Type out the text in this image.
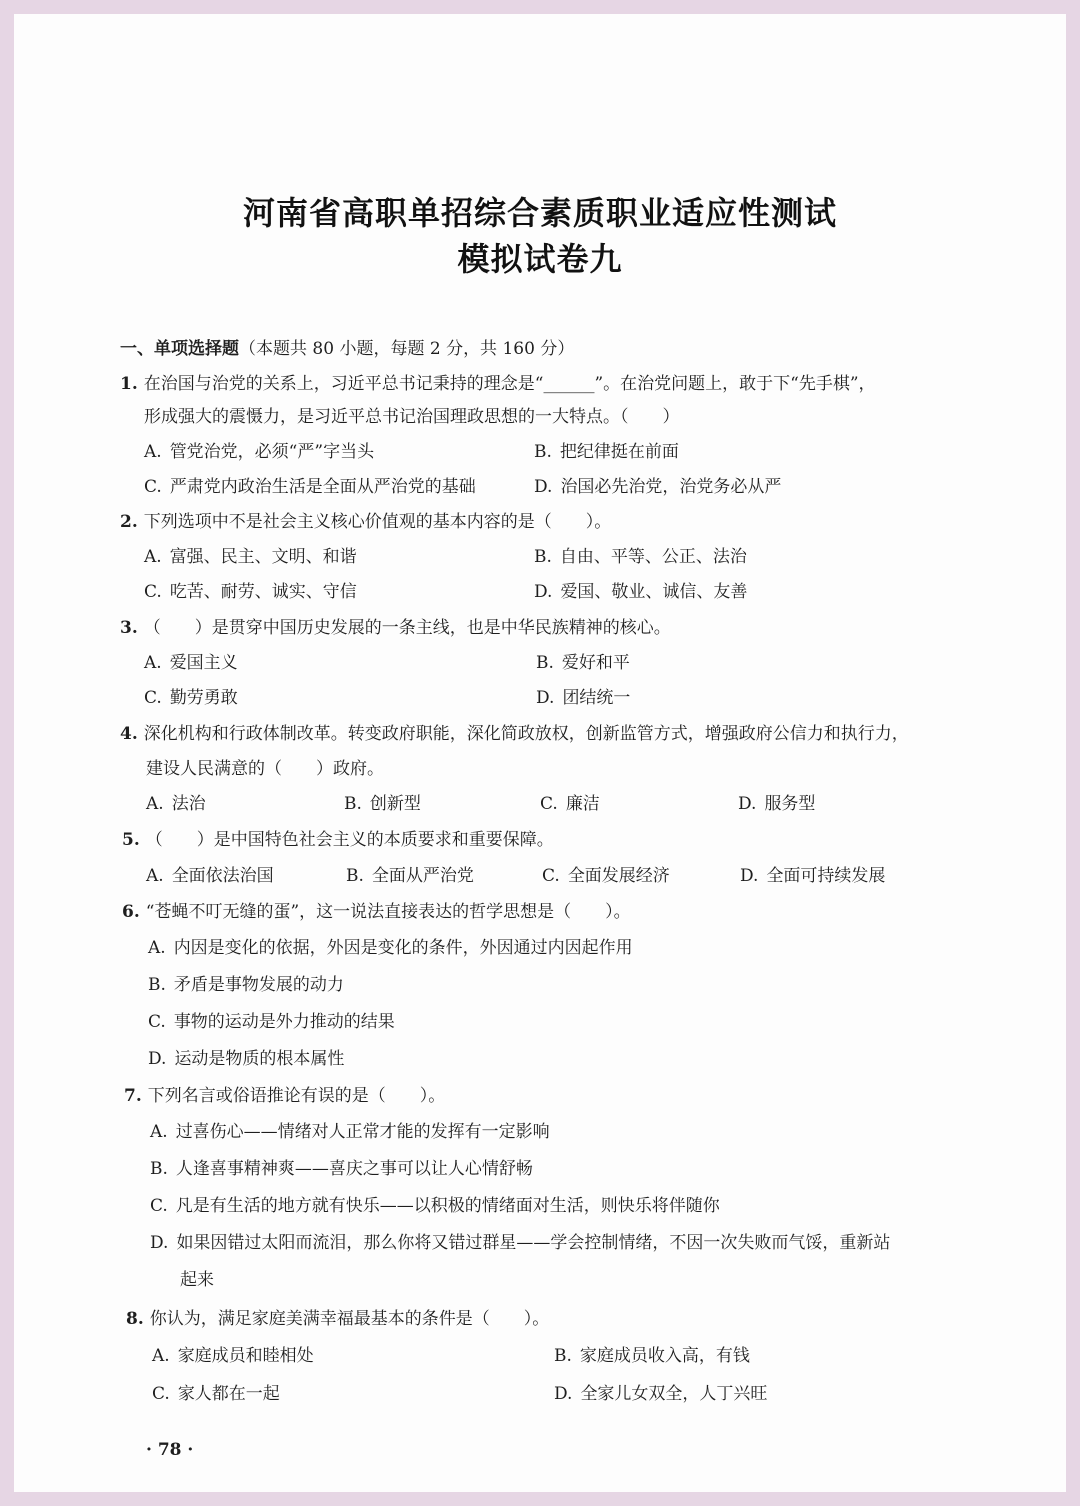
河南省高职单招综合素质职业适应性测试
模拟试卷九
一、单项选择题（本题共 80 小题，每题 2 分，共 160 分）
1. 在治国与治党的关系上，习近平总书记秉持的理念是“______”。在治党问题上，敢于下“先手棋”，
形成强大的震慑力，是习近平总书记治国理政思想的一大特点。（　　）
A. 管党治党，必须“严”字当头	B. 把纪律挺在前面
C. 严肃党内政治生活是全面从严治党的基础	D. 治国必先治党，治党务必从严
2. 下列选项中不是社会主义核心价值观的基本内容的是（　　）。
A. 富强、民主、文明、和谐	B. 自由、平等、公正、法治
C. 吃苦、耐劳、诚实、守信	D. 爱国、敬业、诚信、友善
3. （　　）是贯穿中国历史发展的一条主线，也是中华民族精神的核心。
A. 爱国主义	B. 爱好和平
C. 勤劳勇敢	D. 团结统一
4. 深化机构和行政体制改革。转变政府职能，深化简政放权，创新监管方式，增强政府公信力和执行力，
建设人民满意的（　　）政府。
A. 法治	B. 创新型	C. 廉洁	D. 服务型
5. （　　）是中国特色社会主义的本质要求和重要保障。
A. 全面依法治国	B. 全面从严治党	C. 全面发展经济	D. 全面可持续发展
6. “苍蝇不叮无缝的蛋”，这一说法直接表达的哲学思想是（　　）。
A. 内因是变化的依据，外因是变化的条件，外因通过内因起作用
B. 矛盾是事物发展的动力
C. 事物的运动是外力推动的结果
D. 运动是物质的根本属性
7. 下列名言或俗语推论有误的是（　　）。
A. 过喜伤心——情绪对人正常才能的发挥有一定影响
B. 人逢喜事精神爽——喜庆之事可以让人心情舒畅
C. 凡是有生活的地方就有快乐——以积极的情绪面对生活，则快乐将伴随你
D. 如果因错过太阳而流泪，那么你将又错过群星——学会控制情绪，不因一次失败而气馁，重新站
起来
8. 你认为，满足家庭美满幸福最基本的条件是（　　）。
A. 家庭成员和睦相处	B. 家庭成员收入高，有钱
C. 家人都在一起	D. 全家儿女双全，人丁兴旺
· 78 ·
